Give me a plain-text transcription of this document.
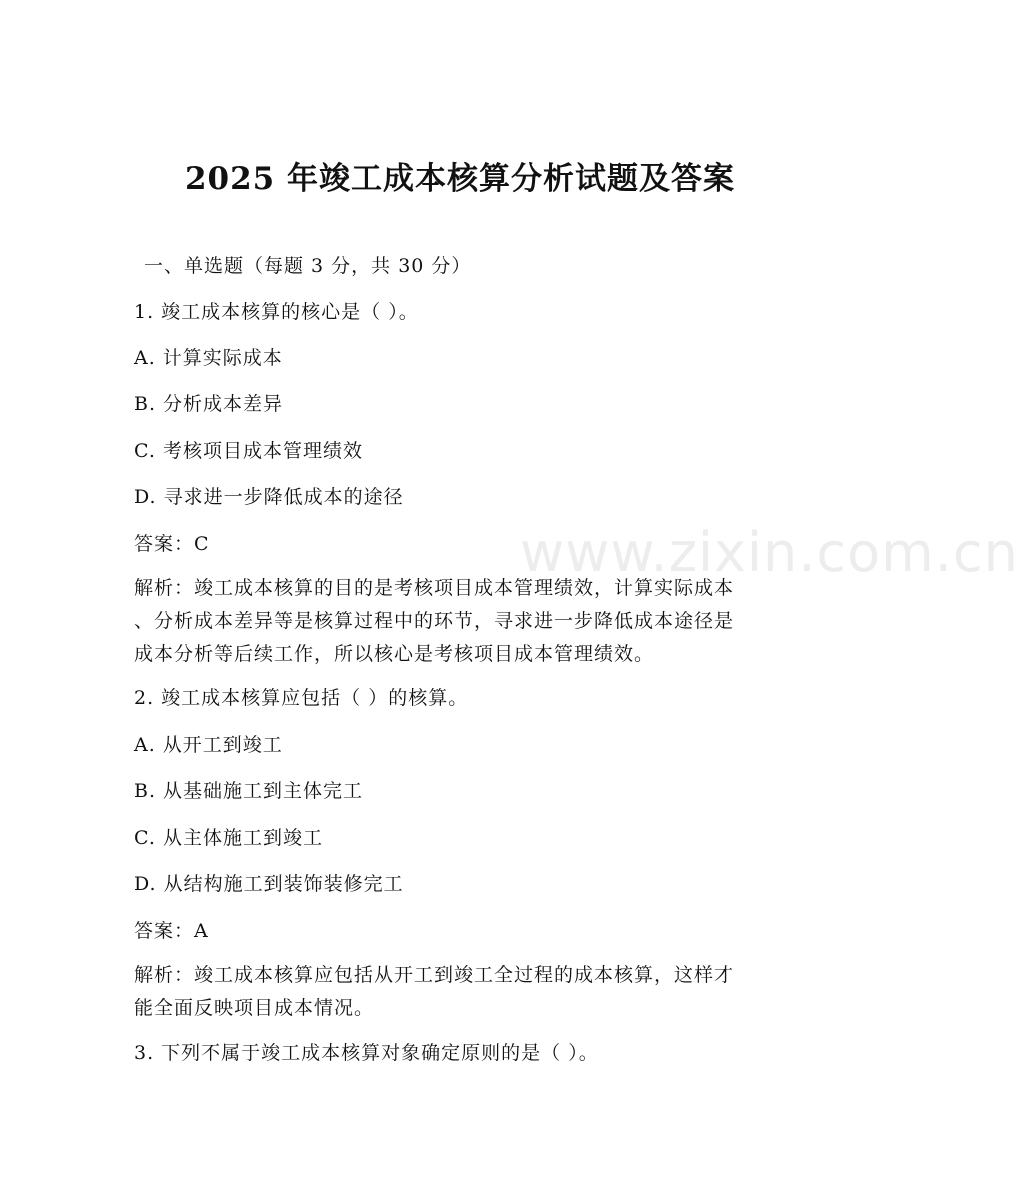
www.zixin.com.cn
2025 年竣工成本核算分析试题及答案
一、单选题（每题 3 分，共 30 分）
1. 竣工成本核算的核心是（ ）。
A. 计算实际成本
B. 分析成本差异
C. 考核项目成本管理绩效
D. 寻求进一步降低成本的途径
答案：C
解析：竣工成本核算的目的是考核项目成本管理绩效，计算实际成本
、分析成本差异等是核算过程中的环节，寻求进一步降低成本途径是
成本分析等后续工作，所以核心是考核项目成本管理绩效。
2. 竣工成本核算应包括（ ）的核算。
A. 从开工到竣工
B. 从基础施工到主体完工
C. 从主体施工到竣工
D. 从结构施工到装饰装修完工
答案：A
解析：竣工成本核算应包括从开工到竣工全过程的成本核算，这样才
能全面反映项目成本情况。
3. 下列不属于竣工成本核算对象确定原则的是（ ）。
